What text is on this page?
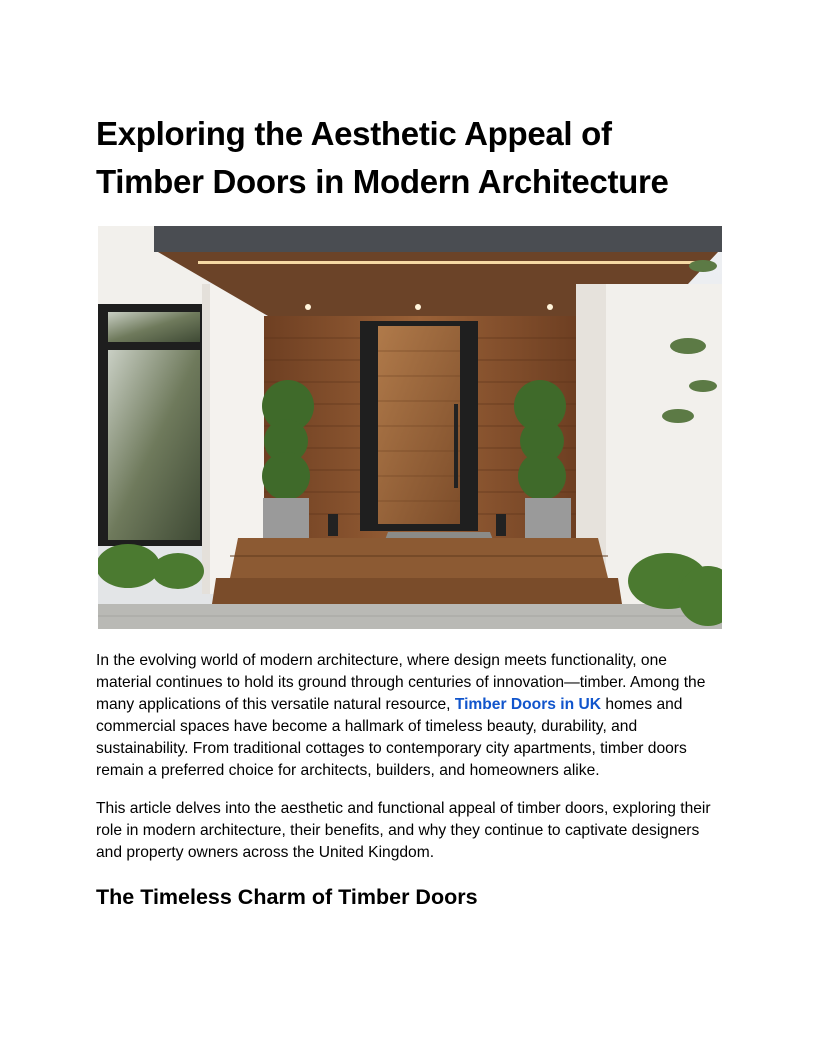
Exploring the Aesthetic Appeal of Timber Doors in Modern Architecture

In the evolving world of modern architecture, where design meets functionality, one material continues to hold its ground through centuries of innovation—timber. Among the many applications of this versatile natural resource, Timber Doors in UK homes and commercial spaces have become a hallmark of timeless beauty, durability, and sustainability. From traditional cottages to contemporary city apartments, timber doors remain a preferred choice for architects, builders, and homeowners alike.

This article delves into the aesthetic and functional appeal of timber doors, exploring their role in modern architecture, their benefits, and why they continue to captivate designers and property owners across the United Kingdom.

The Timeless Charm of Timber Doors
